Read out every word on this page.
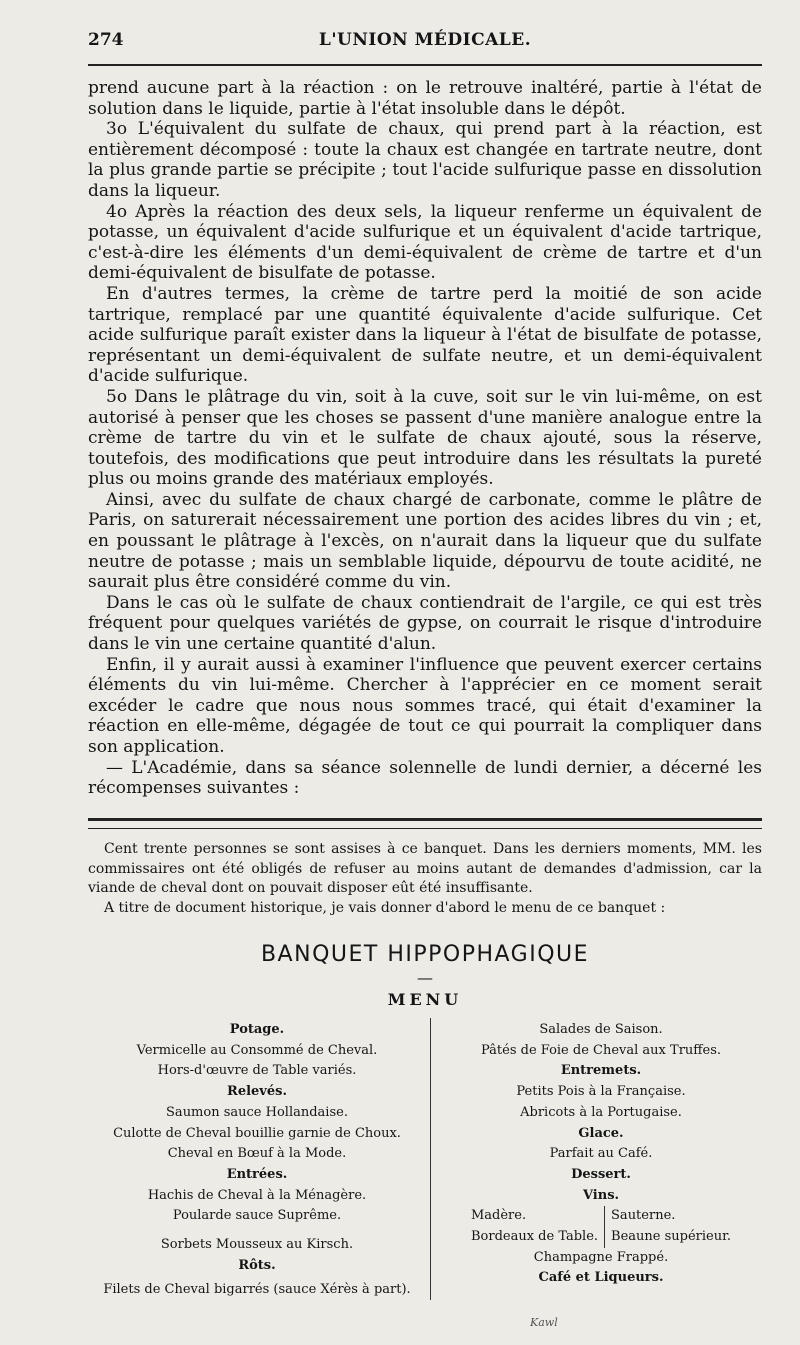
274	L'UNION MÉDICALE.

prend aucune part à la réaction : on le retrouve inaltéré, partie à l'état de solution dans le liquide, partie à l'état insoluble dans le dépôt.

3o L'équivalent du sulfate de chaux, qui prend part à la réaction, est entièrement décomposé : toute la chaux est changée en tartrate neutre, dont la plus grande partie se précipite ; tout l'acide sulfurique passe en dissolution dans la liqueur.

4o Après la réaction des deux sels, la liqueur renferme un équivalent de potasse, un équivalent d'acide sulfurique et un équivalent d'acide tartrique, c'est-à-dire les éléments d'un demi-équivalent de crème de tartre et d'un demi-équivalent de bisulfate de potasse.

En d'autres termes, la crème de tartre perd la moitié de son acide tartrique, remplacé par une quantité équivalente d'acide sulfurique. Cet acide sulfurique paraît exister dans la liqueur à l'état de bisulfate de potasse, représentant un demi-équivalent de sulfate neutre, et un demi-équivalent d'acide sulfurique.

5o Dans le plâtrage du vin, soit à la cuve, soit sur le vin lui-même, on est autorisé à penser que les choses se passent d'une manière analogue entre la crème de tartre du vin et le sulfate de chaux ajouté, sous la réserve, toutefois, des modifications que peut introduire dans les résultats la pureté plus ou moins grande des matériaux employés.

Ainsi, avec du sulfate de chaux chargé de carbonate, comme le plâtre de Paris, on saturerait nécessairement une portion des acides libres du vin ; et, en poussant le plâtrage à l'excès, on n'aurait dans la liqueur que du sulfate neutre de potasse ; mais un semblable liquide, dépourvu de toute acidité, ne saurait plus être considéré comme du vin.

Dans le cas où le sulfate de chaux contiendrait de l'argile, ce qui est très fréquent pour quelques variétés de gypse, on courrait le risque d'introduire dans le vin une certaine quantité d'alun.

Enfin, il y aurait aussi à examiner l'influence que peuvent exercer certains éléments du vin lui-même. Chercher à l'apprécier en ce moment serait excéder le cadre que nous nous sommes tracé, qui était d'examiner la réaction en elle-même, dégagée de tout ce qui pourrait la compliquer dans son application.

— L'Académie, dans sa séance solennelle de lundi dernier, a décerné les récompenses suivantes :

Cent trente personnes se sont assises à ce banquet. Dans les derniers moments, MM. les commissaires ont été obligés de refuser au moins autant de demandes d'admission, car la viande de cheval dont on pouvait disposer eût été insuffisante.

A titre de document historique, je vais donner d'abord le menu de ce banquet :

BANQUET HIPPOPHAGIQUE
—
MENU
Potage.
Vermicelle au Consommé de Cheval.
Hors-d'œuvre de Table variés.
Relevés.
Saumon sauce Hollandaise.
Culotte de Cheval bouillie garnie de Choux.
Cheval en Bœuf à la Mode.
Entrées.
Hachis de Cheval à la Ménagère.
Poularde sauce Suprême.
Sorbets Mousseux au Kirsch.
Rôts.
Filets de Cheval bigarrés (sauce Xérès à part).
Salades de Saison.
Pâtés de Foie de Cheval aux Truffes.
Entremets.
Petits Pois à la Française.
Abricots à la Portugaise.
Glace.
Parfait au Café.
Dessert.
Vins.
Madère.
Bordeaux de Table.
Sauterne.
Beaune supérieur.
Champagne Frappé.
Café et Liqueurs.
Kawl
